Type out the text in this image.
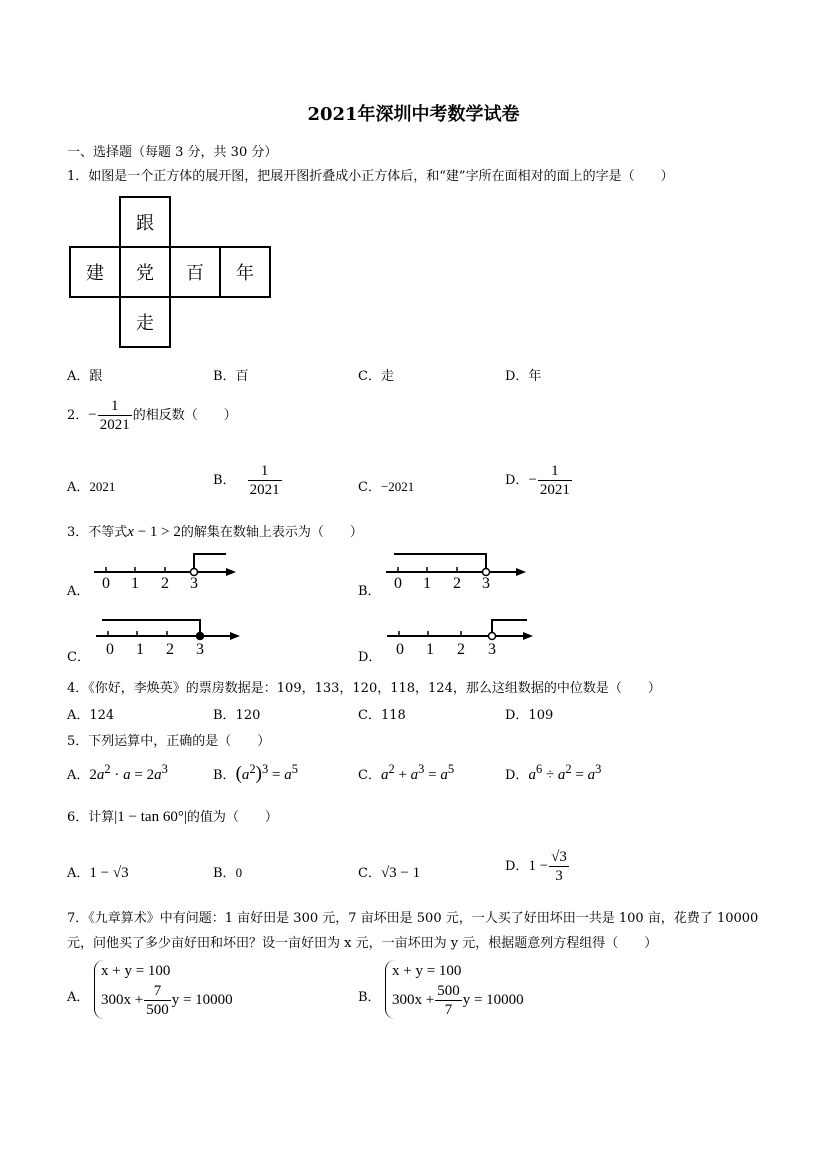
2021年深圳中考数学试卷
一、选择题（每题 3 分，共 30 分）
1．如图是一个正方体的展开图，把展开图折叠成小正方体后，和“建”字所在面相对的面上的字是（　　）
跟
建 党 百 年
走
A．跟	B．百	C．走	D．年
2．− $\frac{1}{2021}$ 的相反数（　　）
A．2021	B． $\frac{1}{2021}$	C．−2021	D．− $\frac{1}{2021}$
3．不等式x − 1 > 2的解集在数轴上表示为（　　）
A． 0 1 2 3	B． 0 1 2 3
C． 0 1 2 3	D． 0 1 2 3
4．《你好，李焕英》的票房数据是：109，133，120，118，124，那么这组数据的中位数是（　　）
A．124	B．120	C．118	D．109
5．下列运算中，正确的是（　　）
A．$2a^2 \cdot a = 2a^3$	B．$(a^2)^3 = a^5$	C．$a^2 + a^3 = a^5$	D．$a^6 \div a^2 = a^3$
6．计算|1 − tan 60°|的值为（　　）
A．1 − √3	B．0	C．√3 − 1	D．$1 - \frac{√3}{3}$
7．《九章算术》中有问题：1 亩好田是 300 元，7 亩坏田是 500 元，一人买了好田坏田一共是 100 亩，花费了 10000
元，问他买了多少亩好田和坏田？设一亩好田为 x 元，一亩坏田为 y 元，根据题意列方程组得（　　）
A．
x + y = 100
$300x + \frac{7}{500}$ y = 10000	B．
x + y = 100
$300x + \frac{500}{7}$ y = 10000
